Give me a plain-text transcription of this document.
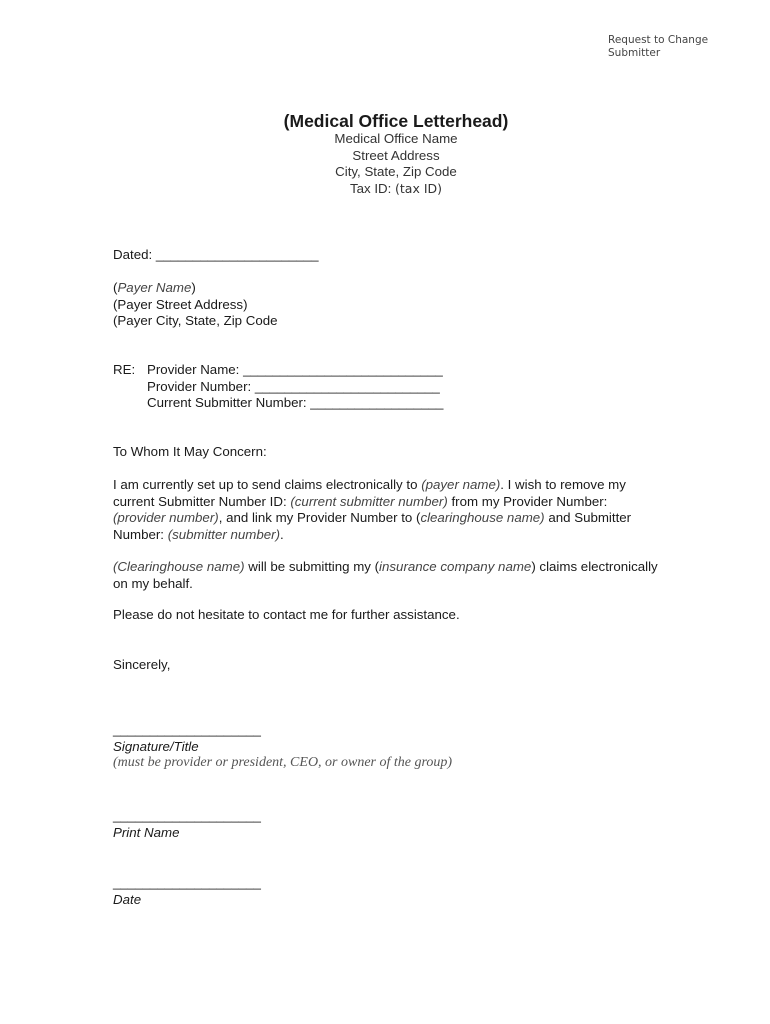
Request to Change
Submitter
(Medical Office Letterhead)
Medical Office Name
Street Address
City, State, Zip Code
Tax ID: (tax ID)
Dated: ______________________
(Payer Name)
(Payer Street Address)
(Payer City, State, Zip Code
RE: Provider Name: ___________________________
Provider Number: _________________________
Current Submitter Number: __________________
To Whom It May Concern:
I am currently set up to send claims electronically to (payer name). I wish to remove my current Submitter Number ID: (current submitter number) from my Provider Number: (provider number), and link my Provider Number to (clearinghouse name) and Submitter Number: (submitter number).
(Clearinghouse name) will be submitting my (insurance company name) claims electronically on my behalf.
Please do not hesitate to contact me for further assistance.
Sincerely,
____________________
Signature/Title
(must be provider or president, CEO, or owner of the group)
____________________
Print Name
____________________
Date
